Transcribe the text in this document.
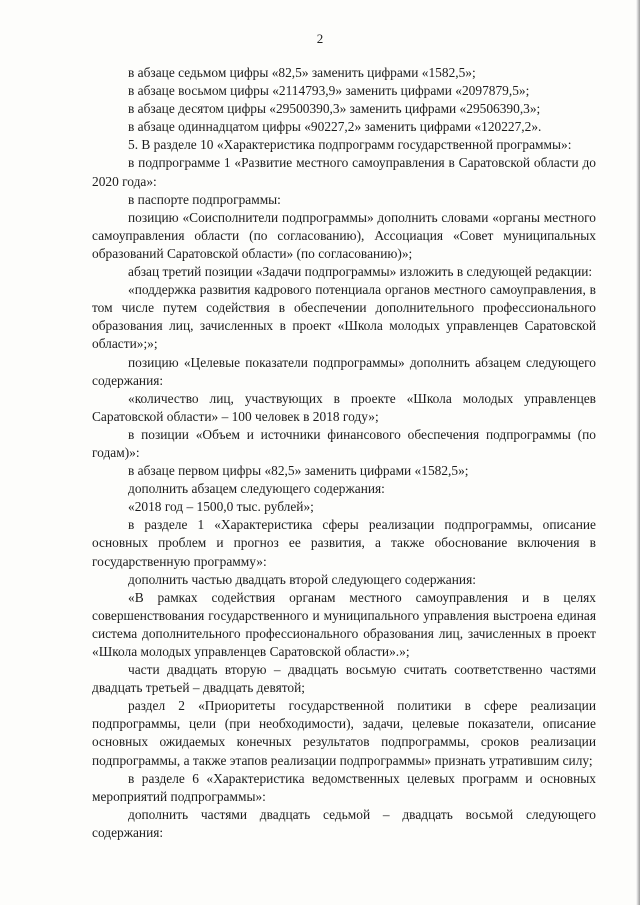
2

в абзаце седьмом цифры «82,5» заменить цифрами «1582,5»;

в абзаце восьмом цифры «2114793,9» заменить цифрами «2097879,5»;

в абзаце десятом цифры «29500390,3» заменить цифрами «29506390,3»;

в абзаце одиннадцатом цифры «90227,2» заменить цифрами «120227,2».

5. В разделе 10 «Характеристика подпрограмм государственной программы»:

в подпрограмме 1 «Развитие местного самоуправления в Саратовской области до 2020 года»:

в паспорте подпрограммы:

позицию «Соисполнители подпрограммы» дополнить словами «органы местного самоуправления области (по согласованию), Ассоциация «Совет муниципальных образований Саратовской области» (по согласованию)»;

абзац третий позиции «Задачи подпрограммы» изложить в следующей редакции:

«поддержка развития кадрового потенциала органов местного самоуправления, в том числе путем содействия в обеспечении дополнительного профессионального образования лиц, зачисленных в проект «Школа молодых управленцев Саратовской области»;»;

позицию «Целевые показатели подпрограммы» дополнить абзацем следующего содержания:

«количество лиц, участвующих в проекте «Школа молодых управленцев Саратовской области» – 100 человек в 2018 году»;

в позиции «Объем и источники финансового обеспечения подпрограммы (по годам)»:

в абзаце первом цифры «82,5» заменить цифрами «1582,5»;

дополнить абзацем следующего содержания:

«2018 год – 1500,0 тыс. рублей»;

в разделе 1 «Характеристика сферы реализации подпрограммы, описание основных проблем и прогноз ее развития, а также обоснование включения в государственную программу»:

дополнить частью двадцать второй следующего содержания:

«В рамках содействия органам местного самоуправления и в целях совершенствования государственного и муниципального управления выстроена единая система дополнительного профессионального образования лиц, зачисленных в проект «Школа молодых управленцев Саратовской области».»;

части двадцать вторую – двадцать восьмую считать соответственно частями двадцать третьей – двадцать девятой;

раздел 2 «Приоритеты государственной политики в сфере реализации подпрограммы, цели (при необходимости), задачи, целевые показатели, описание основных ожидаемых конечных результатов подпрограммы, сроков реализации подпрограммы, а также этапов реализации подпрограммы» признать утратившим силу;

в разделе 6 «Характеристика ведомственных целевых программ и основных мероприятий подпрограммы»:

дополнить частями двадцать седьмой – двадцать восьмой следующего содержания:
